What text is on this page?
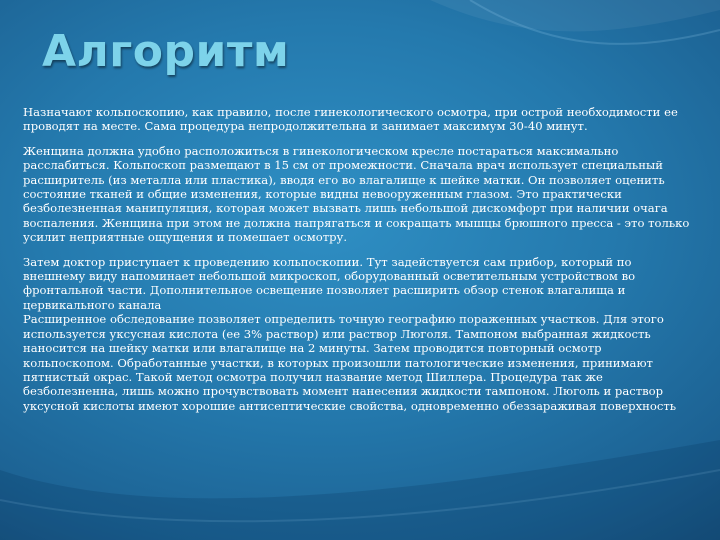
Алгоритм

Назначают кольпоскопию, как правило, после гинекологического осмотра, при острой необходимости ее проводят на месте. Сама процедура непродолжительна и занимает максимум 30-40 минут.

Женщина должна удобно расположиться в гинекологическом кресле постараться максимально расслабиться. Кольпоскоп размещают в 15 см от промежности. Сначала врач использует специальный расширитель (из металла или пластика), вводя его во влагалище к шейке матки. Он позволяет оценить состояние тканей и общие изменения, которые видны невооруженным глазом. Это практически безболезненная манипуляция, которая может вызвать лишь небольшой дискомфорт при наличии очага воспаления. Женщина при этом не должна напрягаться и сокращать мышцы брюшного пресса - это только усилит неприятные ощущения и помешает осмотру.

Затем доктор приступает к проведению кольпоскопии. Тут задействуется сам прибор, который по внешнему виду напоминает небольшой микроскоп, оборудованный осветительным устройством во фронтальной части. Дополнительное освещение позволяет расширить обзор стенок влагалища и цервикального канала

Расширенное обследование позволяет определить точную географию пораженных участков. Для этого используется уксусная кислота (ее 3% раствор) или раствор Люголя. Тампоном выбранная жидкость наносится на шейку матки или влагалище на 2 минуты. Затем проводится повторный осмотр кольпоскопом. Обработанные участки, в которых произошли патологические изменения, принимают пятнистый окрас. Такой метод осмотра получил название метод Шиллера. Процедура так же безболезненна, лишь можно прочувствовать момент нанесения жидкости тампоном. Люголь и раствор уксусной кислоты имеют хорошие антисептические свойства, одновременно обеззараживая поверхность
